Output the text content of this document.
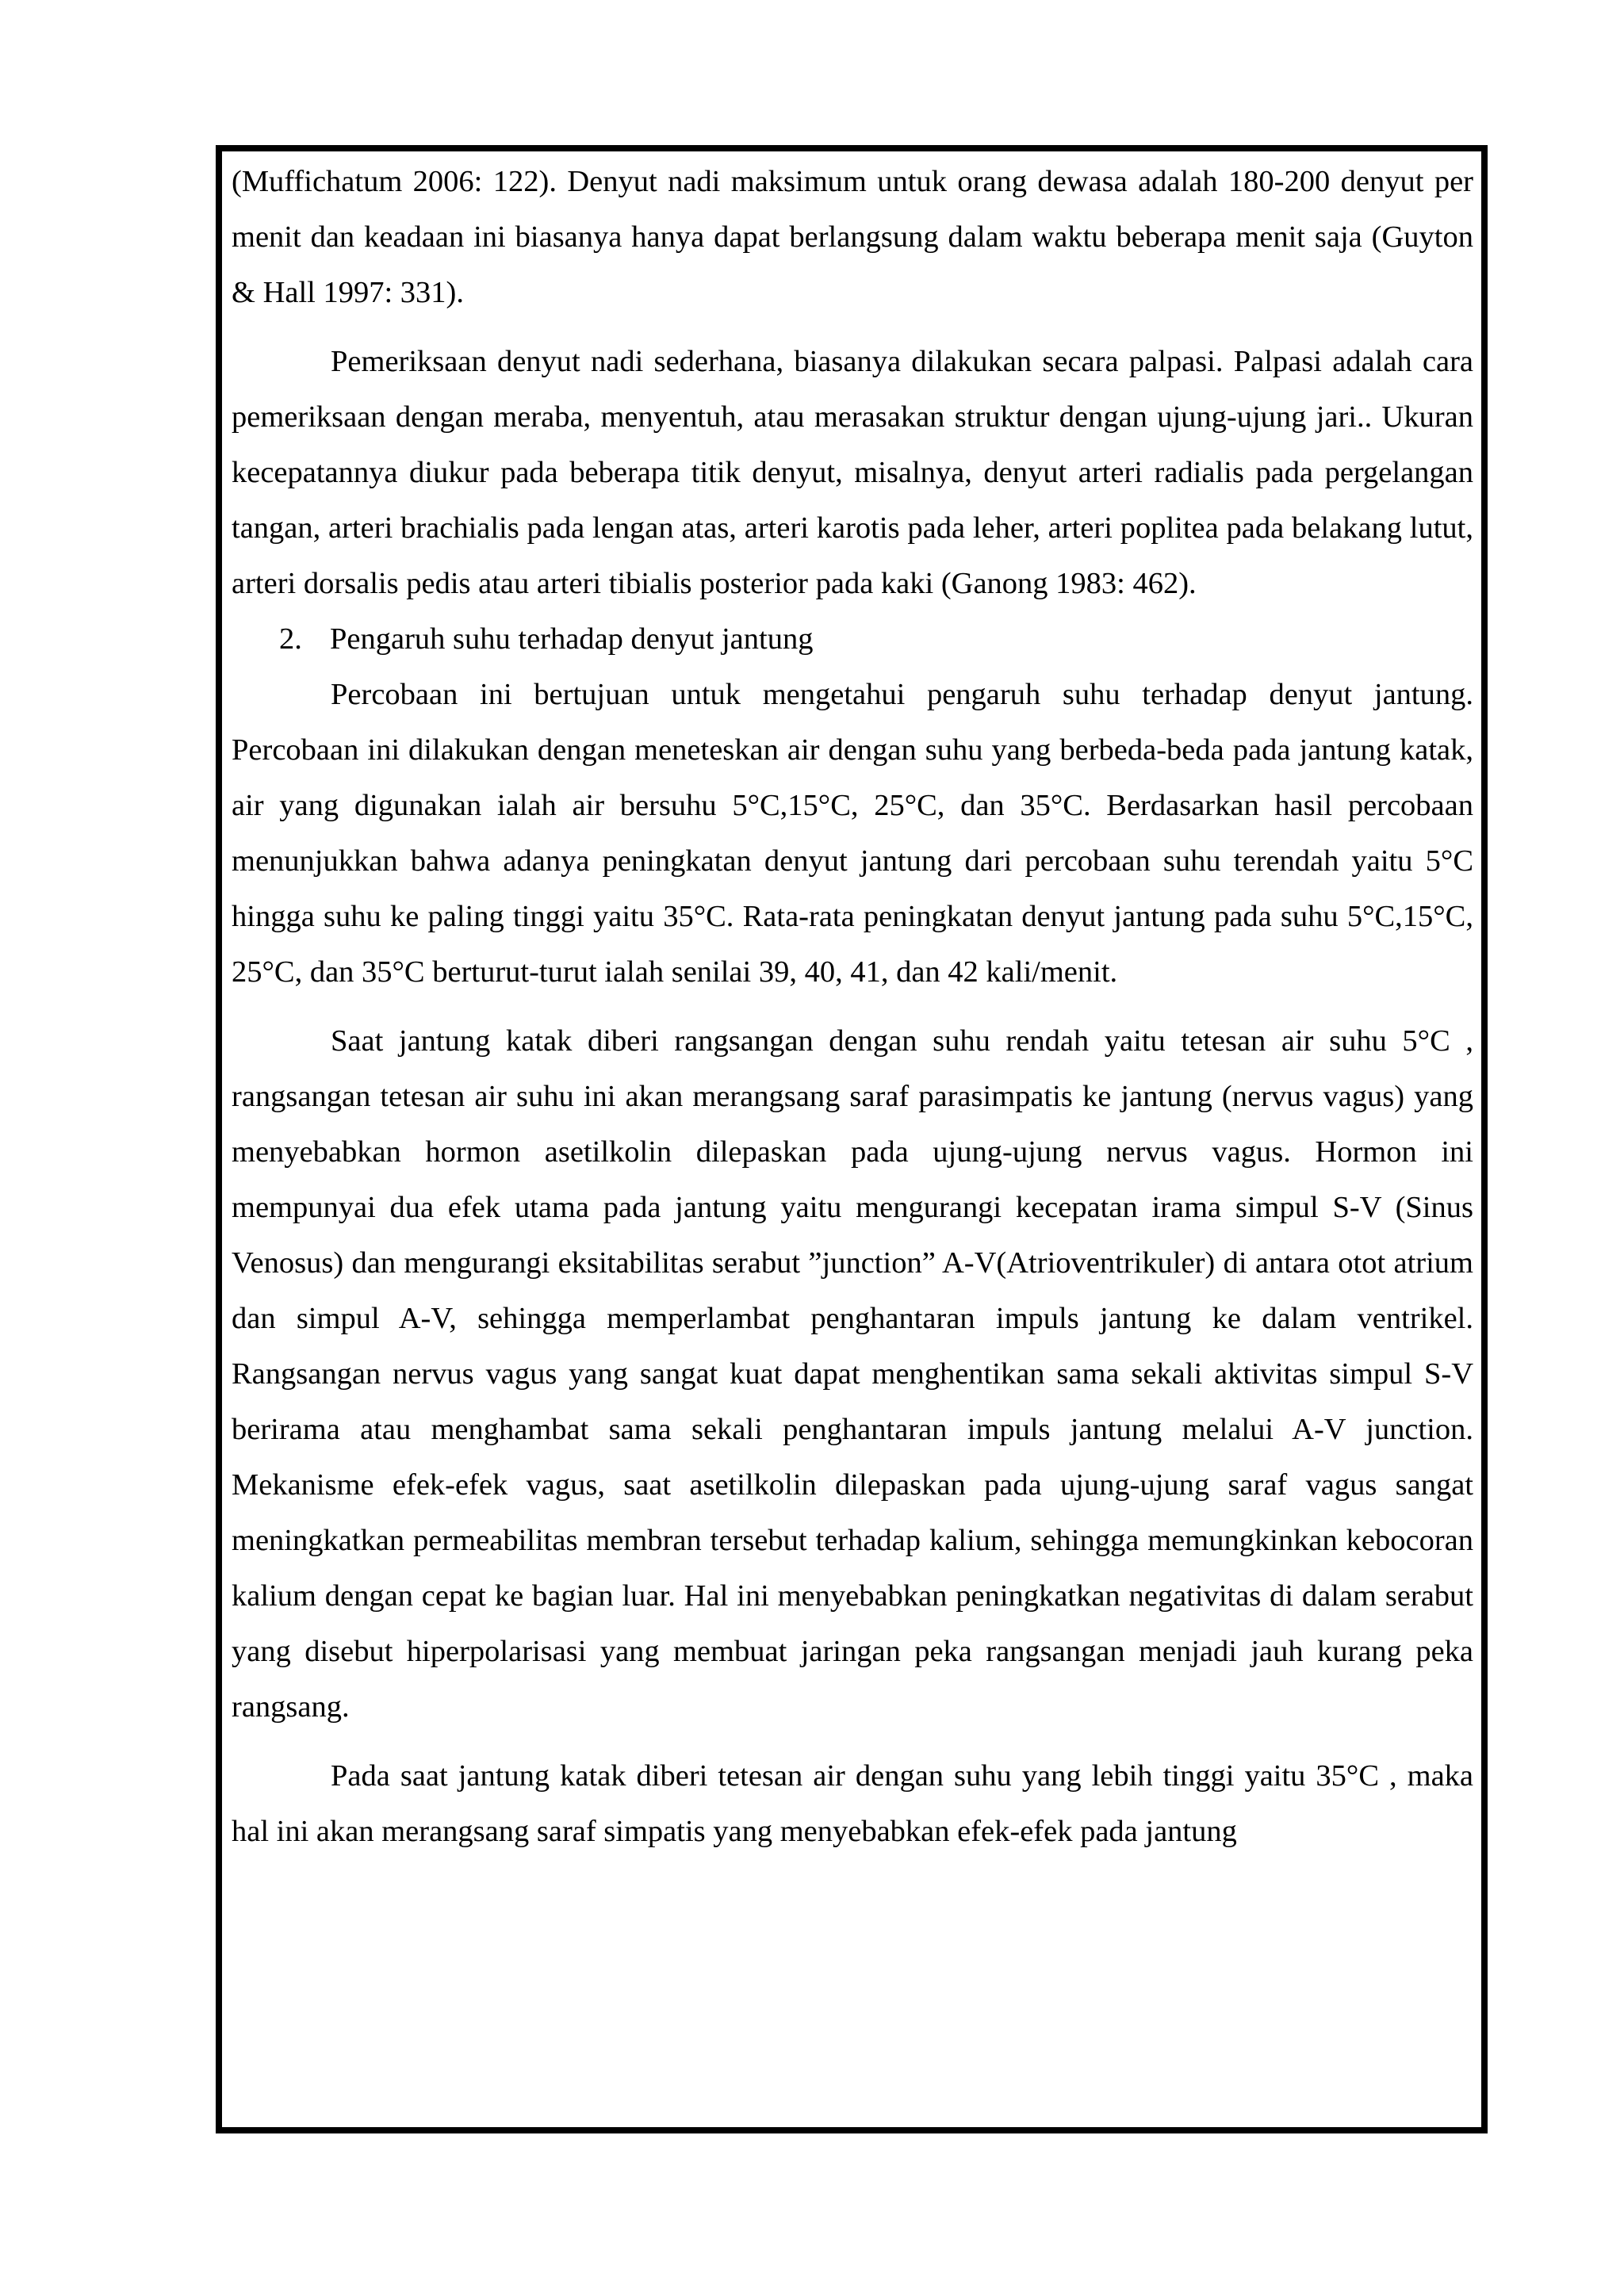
(Muffichatum 2006: 122). Denyut nadi maksimum untuk orang dewasa adalah 180-200 denyut per menit dan keadaan ini biasanya hanya dapat berlangsung dalam waktu beberapa menit saja (Guyton & Hall 1997: 331).

Pemeriksaan denyut nadi sederhana, biasanya dilakukan secara palpasi. Palpasi adalah cara pemeriksaan dengan meraba, menyentuh, atau merasakan struktur dengan ujung-ujung jari.. Ukuran kecepatannya diukur pada beberapa titik denyut, misalnya, denyut arteri radialis pada pergelangan tangan, arteri brachialis pada lengan atas, arteri karotis pada leher, arteri poplitea pada belakang lutut, arteri dorsalis pedis atau arteri tibialis posterior pada kaki (Ganong 1983: 462).

2. Pengaruh suhu terhadap denyut jantung

Percobaan ini bertujuan untuk mengetahui pengaruh suhu terhadap denyut jantung. Percobaan ini dilakukan dengan meneteskan air dengan suhu yang berbeda-beda pada jantung katak, air yang digunakan ialah air bersuhu 5°C,15°C, 25°C, dan 35°C. Berdasarkan hasil percobaan menunjukkan bahwa adanya peningkatan denyut jantung dari percobaan suhu terendah yaitu 5°C hingga suhu ke paling tinggi yaitu 35°C. Rata-rata peningkatan denyut jantung pada suhu 5°C,15°C, 25°C, dan 35°C berturut-turut ialah senilai 39, 40, 41, dan 42 kali/menit.

Saat jantung katak diberi rangsangan dengan suhu rendah yaitu tetesan air suhu 5°C , rangsangan tetesan air suhu ini akan merangsang saraf parasimpatis ke jantung (nervus vagus) yang menyebabkan hormon asetilkolin dilepaskan pada ujung-ujung nervus vagus. Hormon ini mempunyai dua efek utama pada jantung yaitu mengurangi kecepatan irama simpul S-V (Sinus Venosus) dan mengurangi eksitabilitas serabut ”junction” A-V(Atrioventrikuler) di antara otot atrium dan simpul A-V, sehingga memperlambat penghantaran impuls jantung ke dalam ventrikel. Rangsangan nervus vagus yang sangat kuat dapat menghentikan sama sekali aktivitas simpul S-V berirama atau menghambat sama sekali penghantaran impuls jantung melalui A-V junction. Mekanisme efek-efek vagus, saat asetilkolin dilepaskan pada ujung-ujung saraf vagus sangat meningkatkan permeabilitas membran tersebut terhadap kalium, sehingga memungkinkan kebocoran kalium dengan cepat ke bagian luar. Hal ini menyebabkan peningkatkan negativitas di dalam serabut yang disebut hiperpolarisasi yang membuat jaringan peka rangsangan menjadi jauh kurang peka rangsang.

Pada saat jantung katak diberi tetesan air dengan suhu yang lebih tinggi yaitu 35°C , maka hal ini akan merangsang saraf simpatis yang menyebabkan efek-efek pada jantung
